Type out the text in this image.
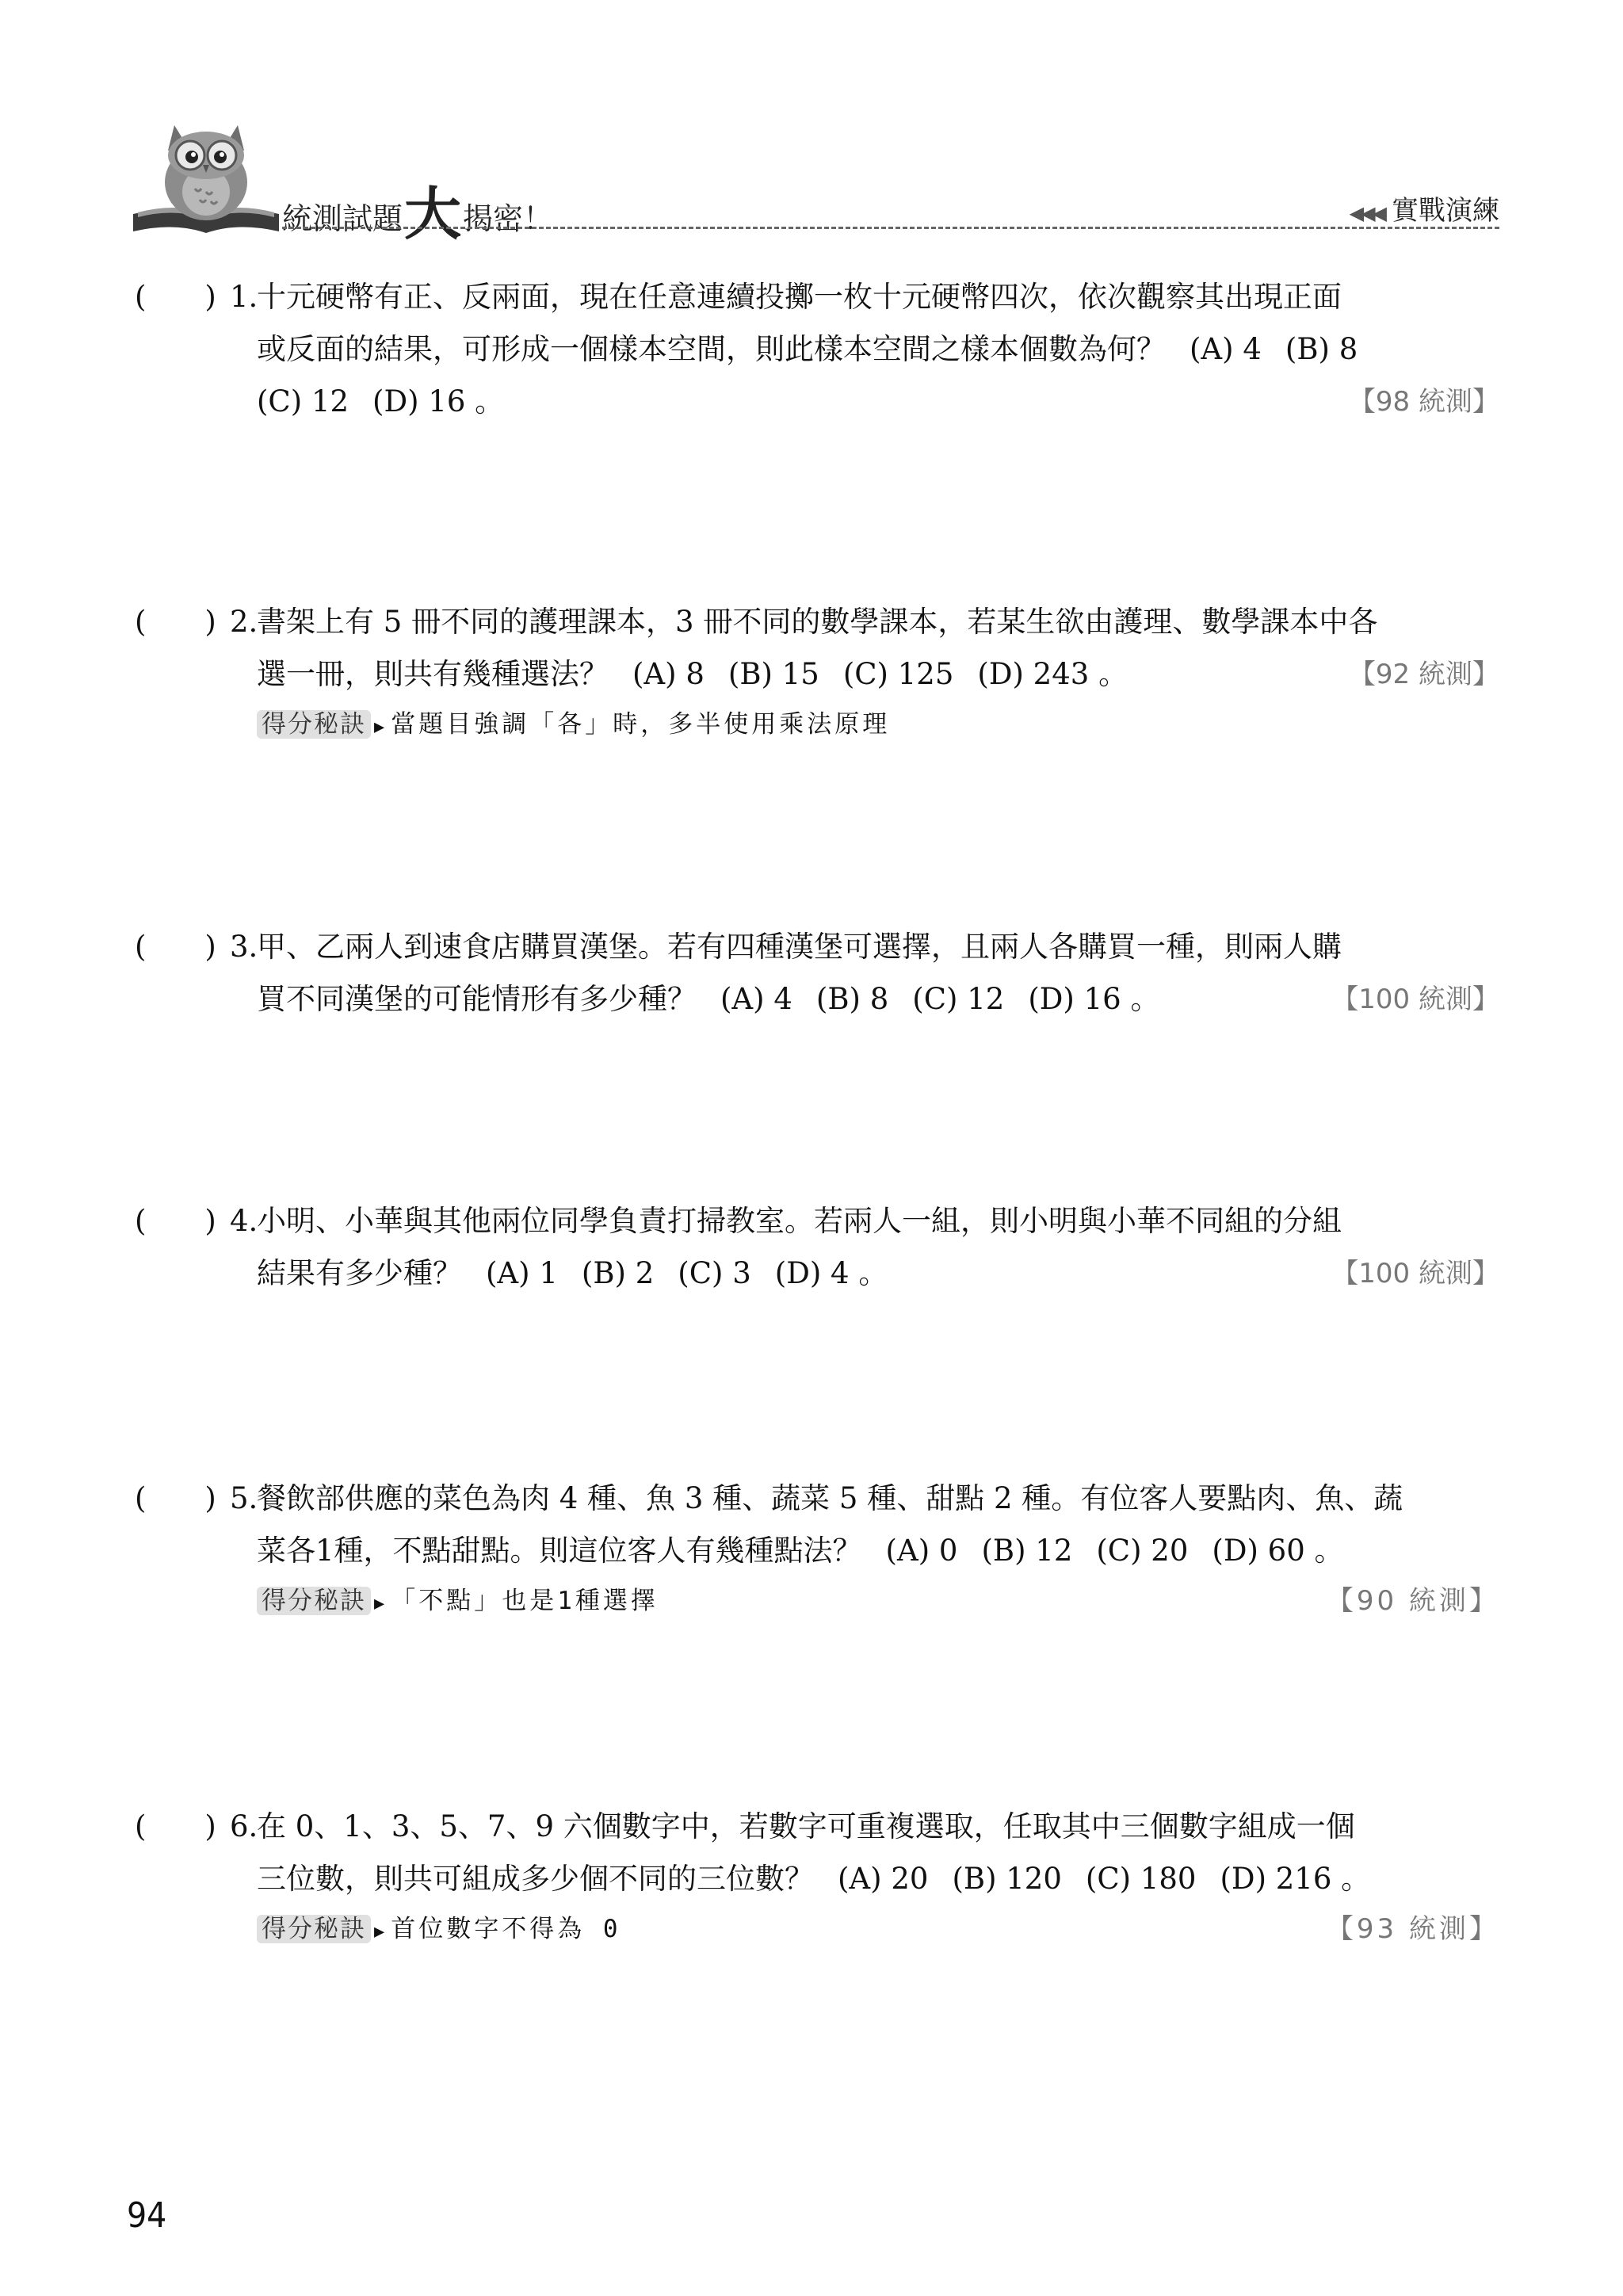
統測試題 大 揭密！	◀◀◀ 實戰演練
(　　) 1.
十元硬幣有正、反兩面，現在任意連續投擲一枚十元硬幣四次，依次觀察其出現正面
或反面的結果，可形成一個樣本空間，則此樣本空間之樣本個數為何？ (A) 4 (B) 8
(C) 12 (D) 16 。	【98 統測】
(　　) 2.
書架上有 5 冊不同的護理課本，3 冊不同的數學課本，若某生欲由護理、數學課本中各
選一冊，則共有幾種選法？ (A) 8 (B) 15 (C) 125 (D) 243 。	【92 統測】
得分秘訣 ▶ 當題目強調「各」時，多半使用乘法原理
(　　) 3.
甲、乙兩人到速食店購買漢堡。若有四種漢堡可選擇，且兩人各購買一種，則兩人購
買不同漢堡的可能情形有多少種？ (A) 4 (B) 8 (C) 12 (D) 16 。	【100 統測】
(　　) 4.
小明、小華與其他兩位同學負責打掃教室。若兩人一組，則小明與小華不同組的分組
結果有多少種？ (A) 1 (B) 2 (C) 3 (D) 4 。	【100 統測】
(　　) 5.
餐飲部供應的菜色為肉 4 種、魚 3 種、蔬菜 5 種、甜點 2 種。有位客人要點肉、魚、蔬
菜各1種，不點甜點。則這位客人有幾種點法？ (A) 0 (B) 12 (C) 20 (D) 60 。
得分秘訣 ▶ 「不點」也是1種選擇	【90 統測】
(　　) 6.
在 0、1、3、5、7、9 六個數字中，若數字可重複選取，任取其中三個數字組成一個
三位數，則共可組成多少個不同的三位數？ (A) 20 (B) 120 (C) 180 (D) 216 。
得分秘訣 ▶ 首位數字不得為 0	【93 統測】
94
